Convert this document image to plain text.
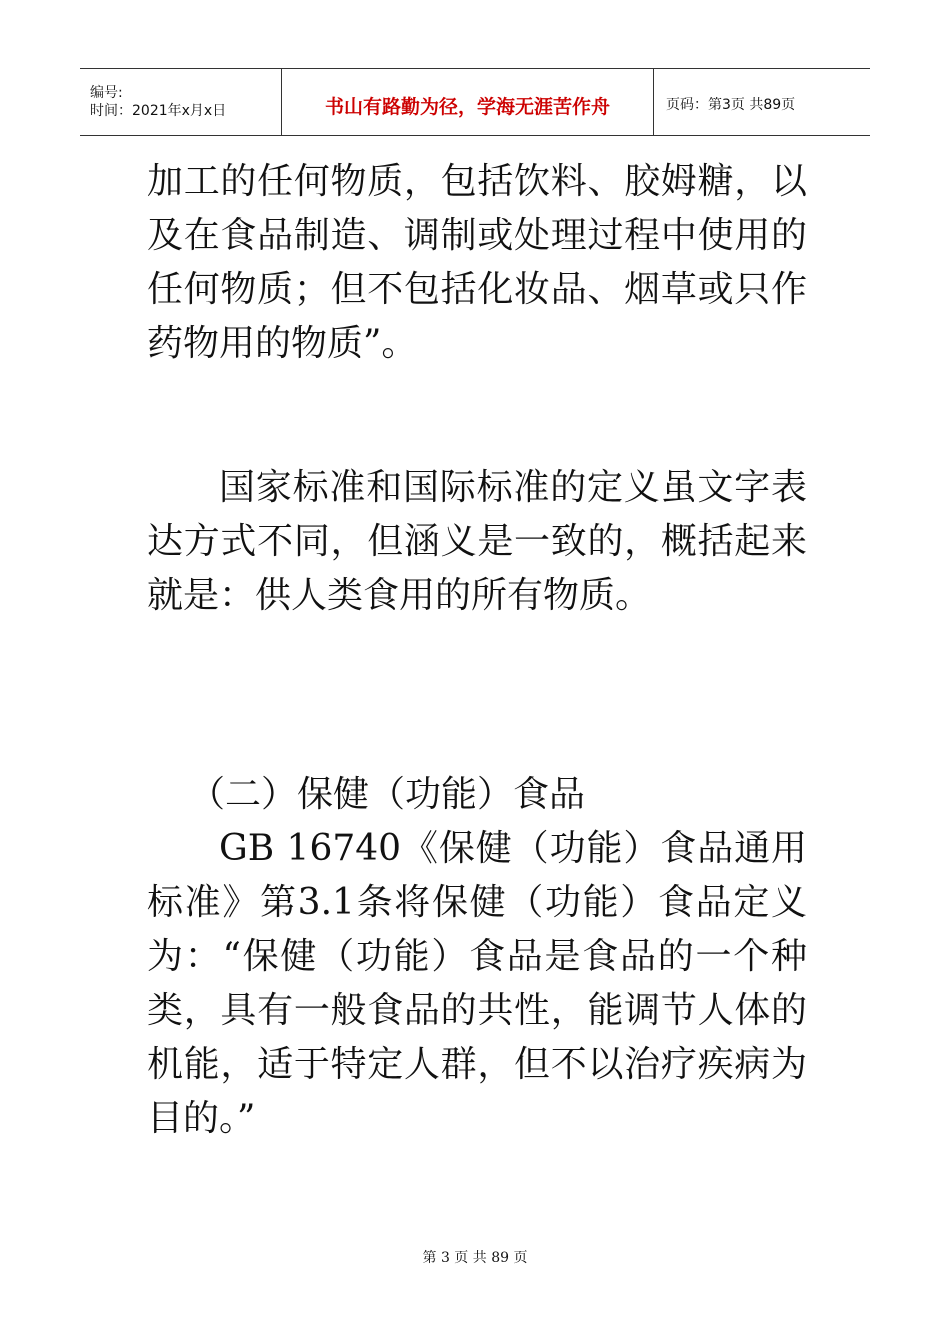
编号:
时间：2021年x月x日	书山有路勤为径，学海无涯苦作舟	页码：第3页 共89页

加工的任何物质，包括饮料、胶姆糖，以及在食品制造、调制或处理过程中使用的任何物质；但不包括化妆品、烟草或只作药物用的物质”。

国家标准和国际标准的定义虽文字表达方式不同，但涵义是一致的，概括起来就是：供人类食用的所有物质。

（二）保健（功能）食品

GB 16740《保健（功能）食品通用标准》第3.1条将保健（功能）食品定义为：“保健（功能）食品是食品的一个种类，具有一般食品的共性，能调节人体的机能，适于特定人群，但不以治疗疾病为目的。”

第 3 页 共 89 页
